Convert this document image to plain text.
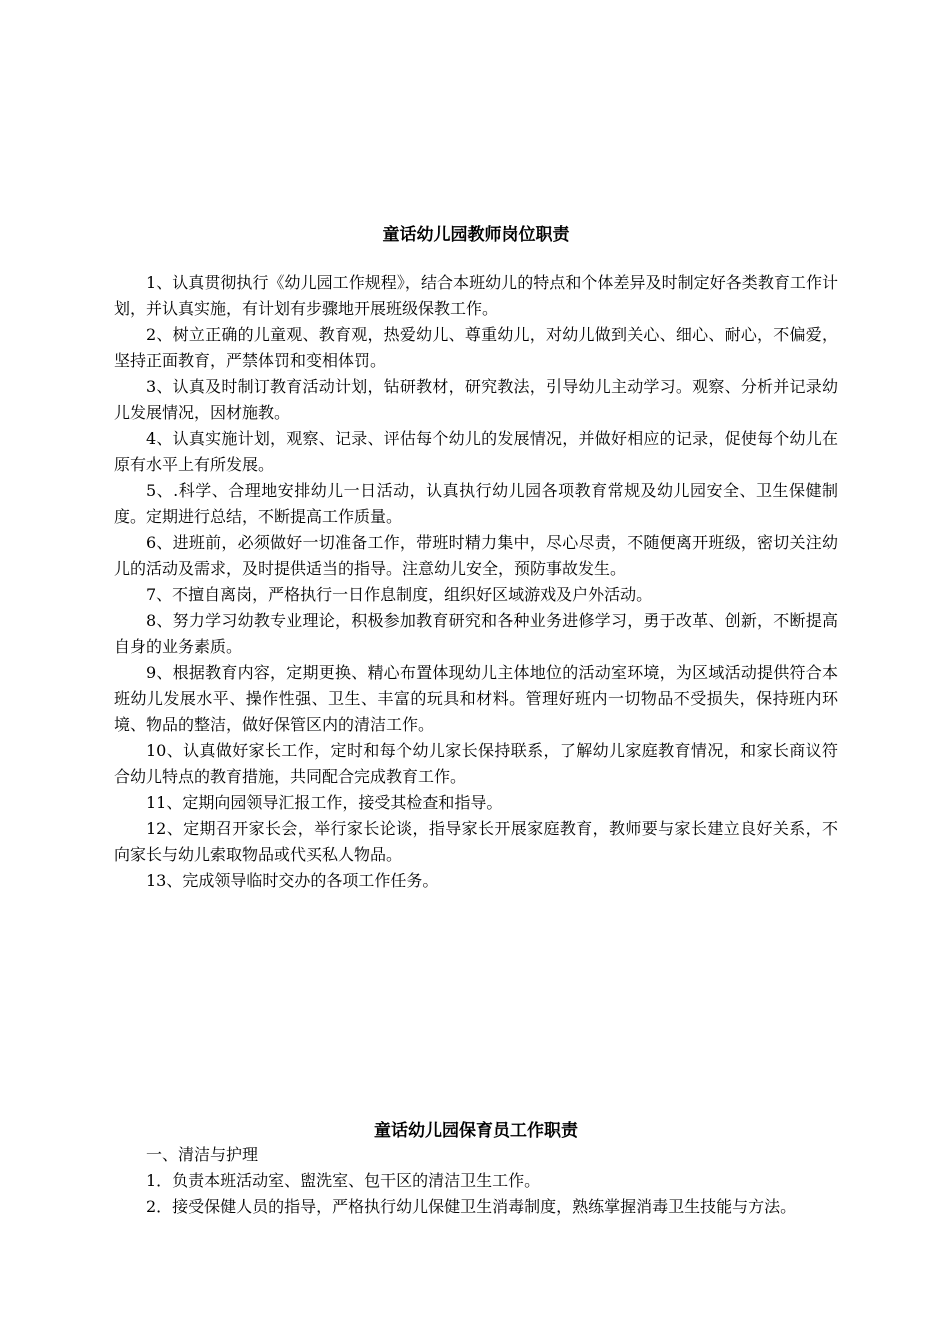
童话幼儿园教师岗位职责

1、认真贯彻执行《幼儿园工作规程》，结合本班幼儿的特点和个体差异及时制定好各类教育工作计划，并认真实施，有计划有步骤地开展班级保教工作。

2、树立正确的儿童观、教育观，热爱幼儿、尊重幼儿，对幼儿做到关心、细心、耐心，不偏爱，坚持正面教育，严禁体罚和变相体罚。

3、认真及时制订教育活动计划，钻研教材，研究教法，引导幼儿主动学习。观察、分析并记录幼儿发展情况，因材施教。

4、认真实施计划，观察、记录、评估每个幼儿的发展情况，并做好相应的记录，促使每个幼儿在原有水平上有所发展。

5、.科学、合理地安排幼儿一日活动，认真执行幼儿园各项教育常规及幼儿园安全、卫生保健制度。定期进行总结，不断提高工作质量。

6、进班前，必须做好一切准备工作，带班时精力集中，尽心尽责，不随便离开班级，密切关注幼儿的活动及需求，及时提供适当的指导。注意幼儿安全，预防事故发生。

7、不擅自离岗，严格执行一日作息制度，组织好区域游戏及户外活动。

8、努力学习幼教专业理论，积极参加教育研究和各种业务进修学习，勇于改革、创新，不断提高自身的业务素质。

9、根据教育内容，定期更换、精心布置体现幼儿主体地位的活动室环境，为区域活动提供符合本班幼儿发展水平、操作性强、卫生、丰富的玩具和材料。管理好班内一切物品不受损失，保持班内环境、物品的整洁，做好保管区内的清洁工作。

10、认真做好家长工作，定时和每个幼儿家长保持联系，了解幼儿家庭教育情况，和家长商议符合幼儿特点的教育措施，共同配合完成教育工作。

11、定期向园领导汇报工作，接受其检查和指导。

12、定期召开家长会，举行家长论谈，指导家长开展家庭教育，教师要与家长建立良好关系，不向家长与幼儿索取物品或代买私人物品。

13、完成领导临时交办的各项工作任务。

童话幼儿园保育员工作职责

一、清洁与护理

1．负责本班活动室、盥洗室、包干区的清洁卫生工作。

2．接受保健人员的指导，严格执行幼儿保健卫生消毒制度，熟练掌握消毒卫生技能与方法。
